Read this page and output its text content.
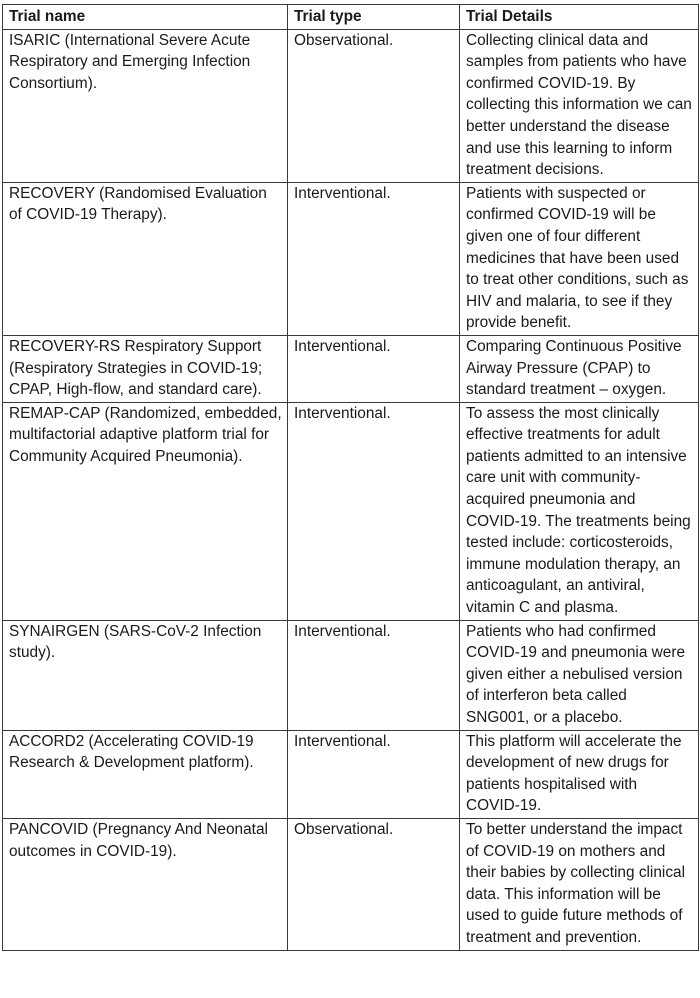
Trial name	Trial type	Trial Details
ISARIC (International Severe Acute Respiratory and Emerging Infection Consortium).	Observational.	Collecting clinical data and samples from patients who have confirmed COVID-19. By collecting this information we can better understand the disease and use this learning to inform treatment decisions.
RECOVERY (Randomised Evaluation of COVID-19 Therapy).	Interventional.	Patients with suspected or confirmed COVID-19 will be given one of four different medicines that have been used to treat other conditions, such as HIV and malaria, to see if they provide benefit.
RECOVERY-RS Respiratory Support (Respiratory Strategies in COVID-19; CPAP, High-flow, and standard care).	Interventional.	Comparing Continuous Positive Airway Pressure (CPAP) to standard treatment – oxygen.
REMAP-CAP (Randomized, embedded, multifactorial adaptive platform trial for Community Acquired Pneumonia).	Interventional.	To assess the most clinically effective treatments for adult patients admitted to an intensive care unit with community-acquired pneumonia and COVID-19. The treatments being tested include: corticosteroids, immune modulation therapy, an anticoagulant, an antiviral, vitamin C and plasma.
SYNAIRGEN (SARS-CoV-2 Infection study).	Interventional.	Patients who had confirmed COVID-19 and pneumonia were given either a nebulised version of interferon beta called SNG001, or a placebo.
ACCORD2 (Accelerating COVID-19 Research & Development platform).	Interventional.	This platform will accelerate the development of new drugs for patients hospitalised with COVID-19.
PANCOVID (Pregnancy And Neonatal outcomes in COVID-19).	Observational.	To better understand the impact of COVID-19 on mothers and their babies by collecting clinical data. This information will be used to guide future methods of treatment and prevention.
